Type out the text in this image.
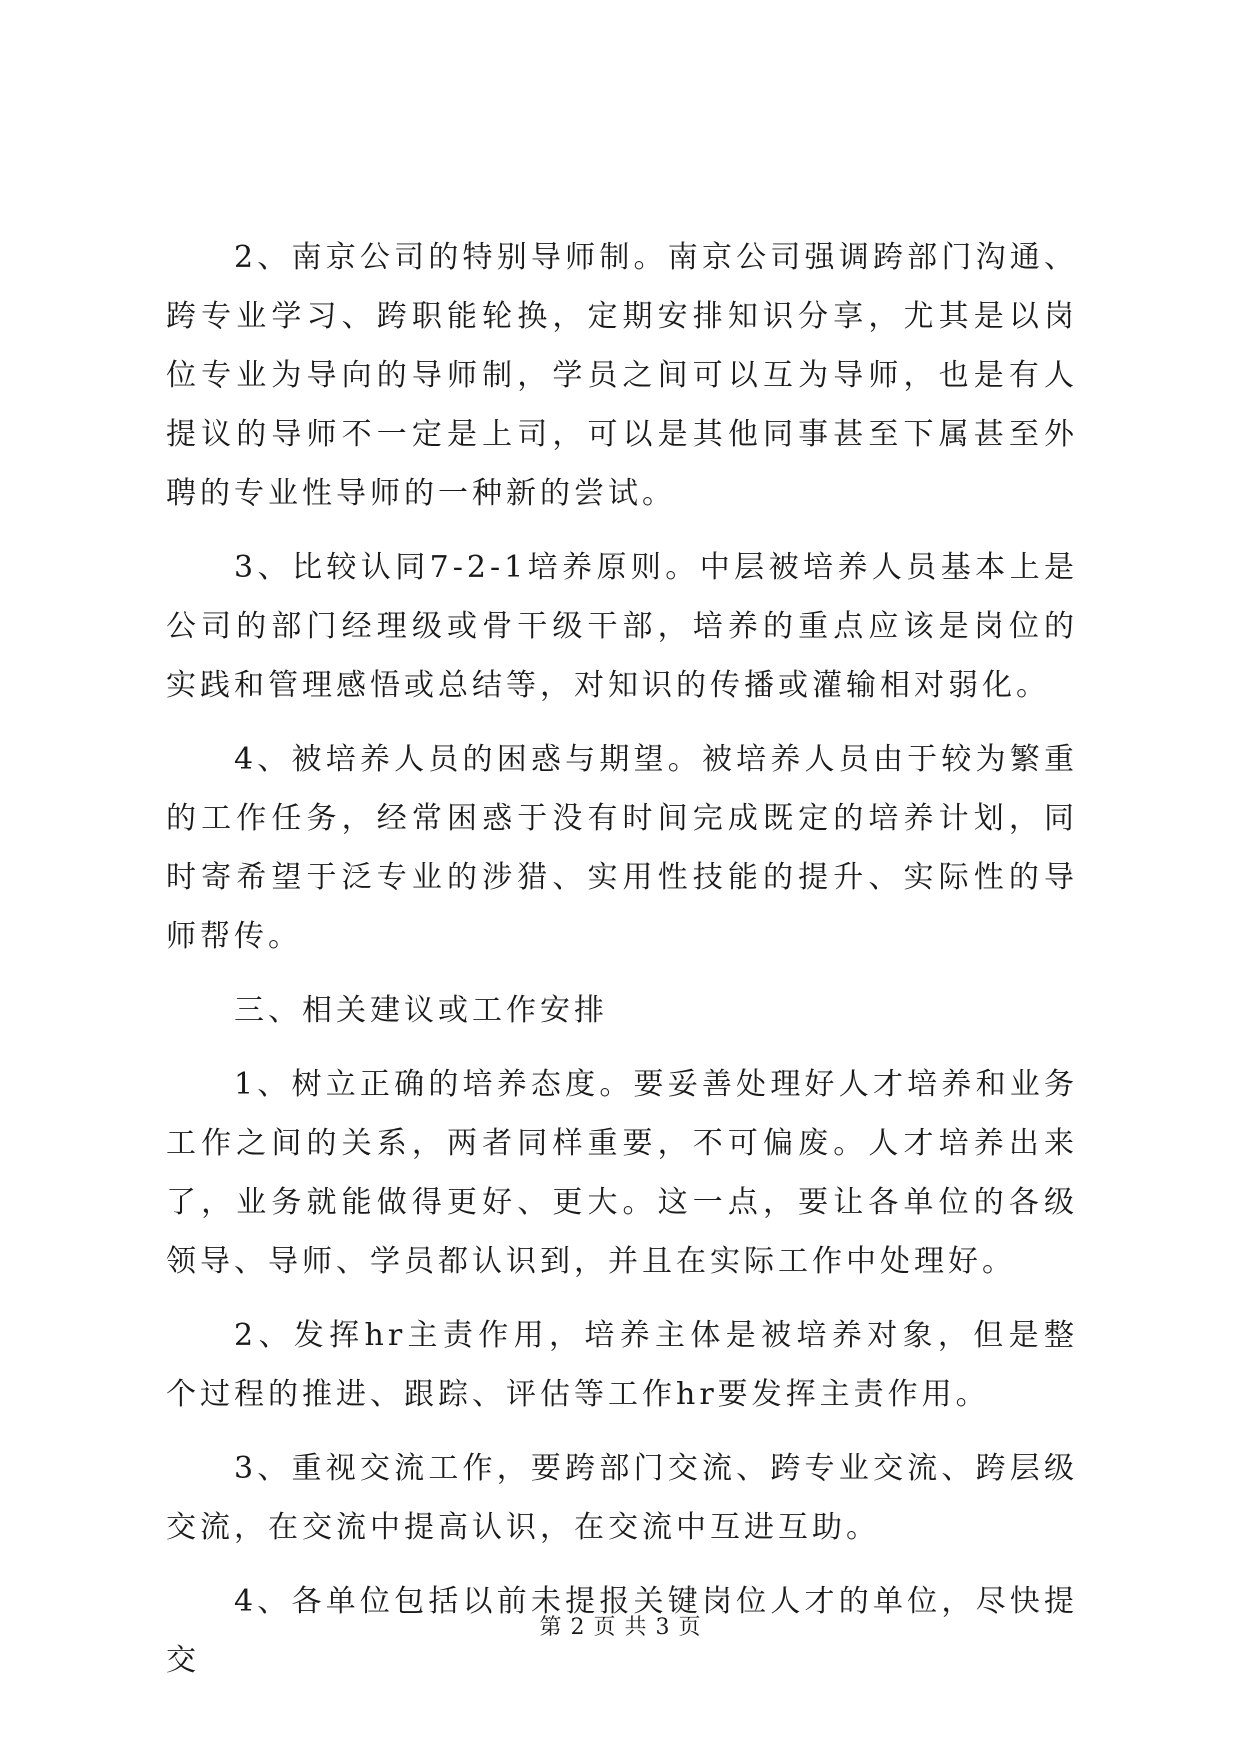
2、南京公司的特别导师制。南京公司强调跨部门沟通、跨专业学习、跨职能轮换，定期安排知识分享，尤其是以岗位专业为导向的导师制，学员之间可以互为导师，也是有人提议的导师不一定是上司，可以是其他同事甚至下属甚至外聘的专业性导师的一种新的尝试。

3、比较认同7-2-1培养原则。中层被培养人员基本上是公司的部门经理级或骨干级干部，培养的重点应该是岗位的实践和管理感悟或总结等，对知识的传播或灌输相对弱化。

4、被培养人员的困惑与期望。被培养人员由于较为繁重的工作任务，经常困惑于没有时间完成既定的培养计划，同时寄希望于泛专业的涉猎、实用性技能的提升、实际性的导师帮传。

三、相关建议或工作安排

1、树立正确的培养态度。要妥善处理好人才培养和业务工作之间的关系，两者同样重要，不可偏废。人才培养出来了，业务就能做得更好、更大。这一点，要让各单位的各级领导、导师、学员都认识到，并且在实际工作中处理好。

2、发挥hr主责作用，培养主体是被培养对象，但是整个过程的推进、跟踪、评估等工作hr要发挥主责作用。

3、重视交流工作，要跨部门交流、跨专业交流、跨层级交流，在交流中提高认识，在交流中互进互助。

4、各单位包括以前未提报关键岗位人才的单位，尽快提交

第 2 页 共 3 页
